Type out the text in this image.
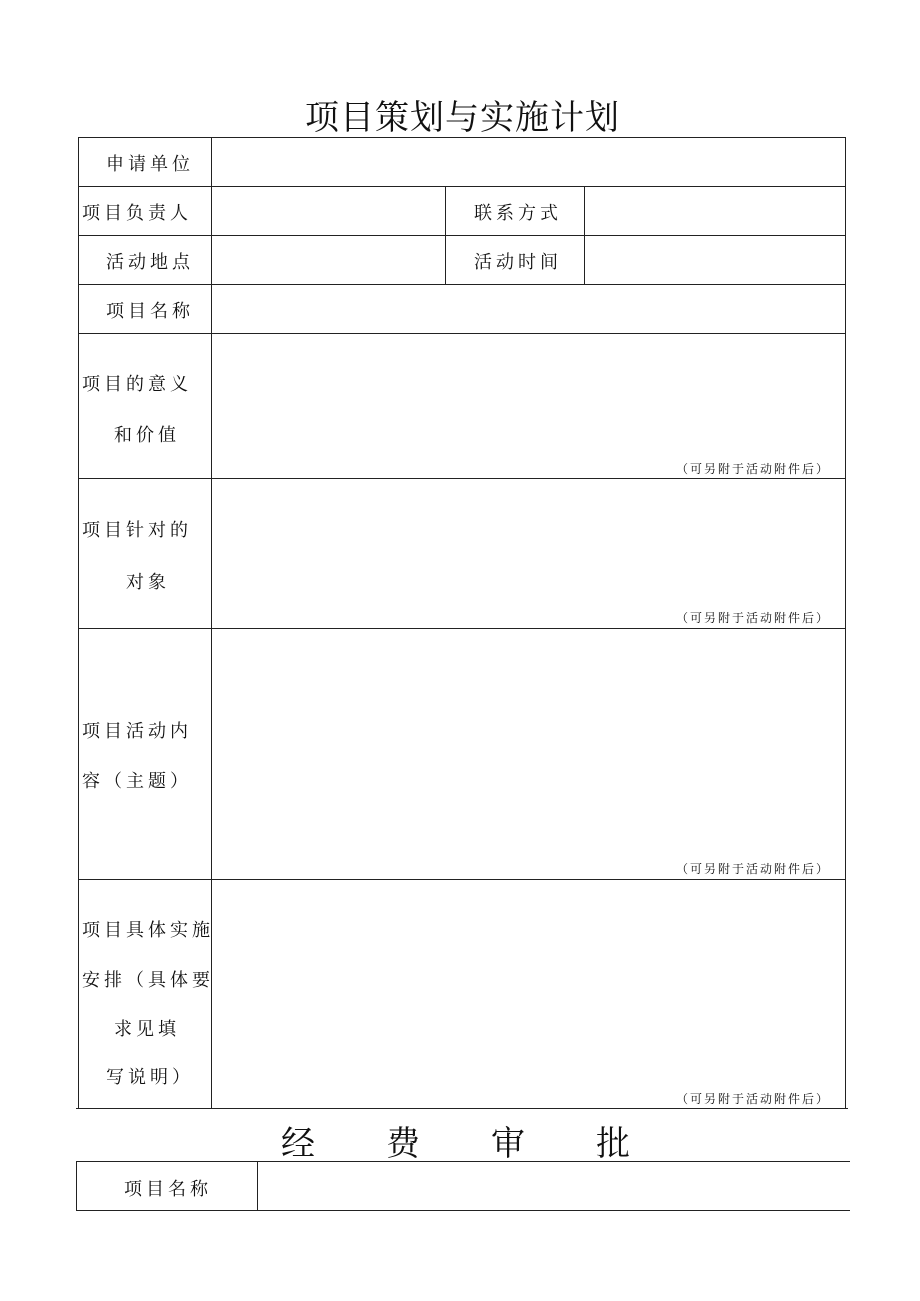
项目策划与实施计划
申请单位
项目负责人	联系方式
活动地点	活动时间
项目名称
项目的意义
和价值
（可另附于活动附件后）
项目针对的
对象
（可另附于活动附件后）
项目活动内
容（主题）
（可另附于活动附件后）
项目具体实施
安排（具体要
求见填
写说明）
（可另附于活动附件后）
经　　费　　审　　批
项目名称
